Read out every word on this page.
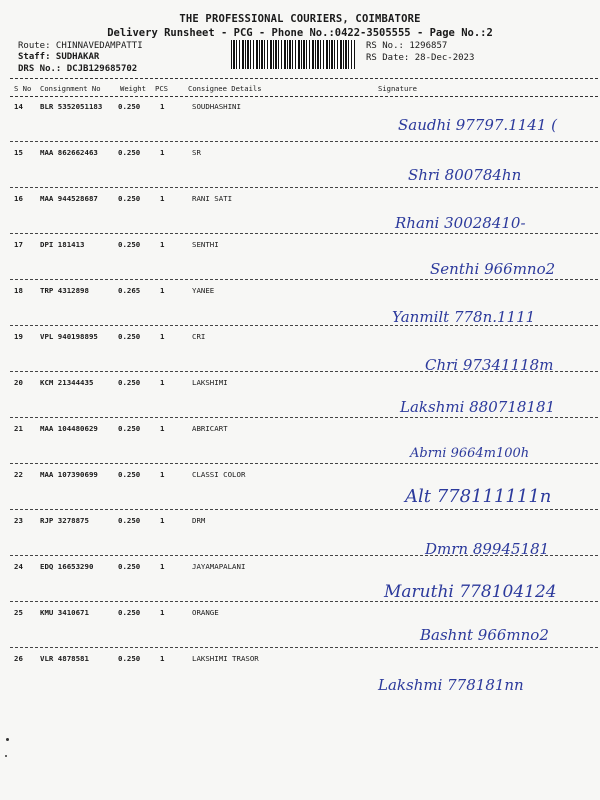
THE PROFESSIONAL COURIERS, COIMBATORE
Delivery Runsheet - PCG - Phone No.:0422-3505555 - Page No.:2
Route: CHINNAVEDAMPATTI
Staff: SUDHAKAR
DRS No.: DCJB129685702
RS No.: 1296857
RS Date: 28-Dec-2023
S No Consignment No	Weight PCS	Consignee Details	Signature
14 BLR 5352051183 0.250	1	SOUDHASHINI
Saudhi 97797.1141 (
15 MAA 862662463	0.250	1	SR
Shri 800784hn
16 MAA 944528687	0.250	1	RANI SATI
Rhani 30028410-
17 DPI 181413	0.250	1	SENTHI
Senthi 966mno2
18 TRP 4312898	0.265	1	YANEE
Yanmilt 778n.1111
19 VPL 940198895	0.250	1	CRI
Chri 97341118m
20 KCM 21344435	0.250	1	LAKSHIMI
Lakshmi 880718181
21 MAA 104480629	0.250	1	ABRICART
Abrni 9664m100h
22 MAA 107390699	0.250	1	CLASSI COLOR
Alt 778111111n
23 RJP 3278875	0.250	1	DRM
Dmrn 89945181
24 EDQ 16653290	0.250	1	JAYAMAPALANI
Maruthi 778104124
25 KMU 3410671	0.250	1	ORANGE
Bashnt 966mno2
26 VLR 4878581	0.250	1	LAKSHIMI TRASOR
Lakshmi 778181nn
